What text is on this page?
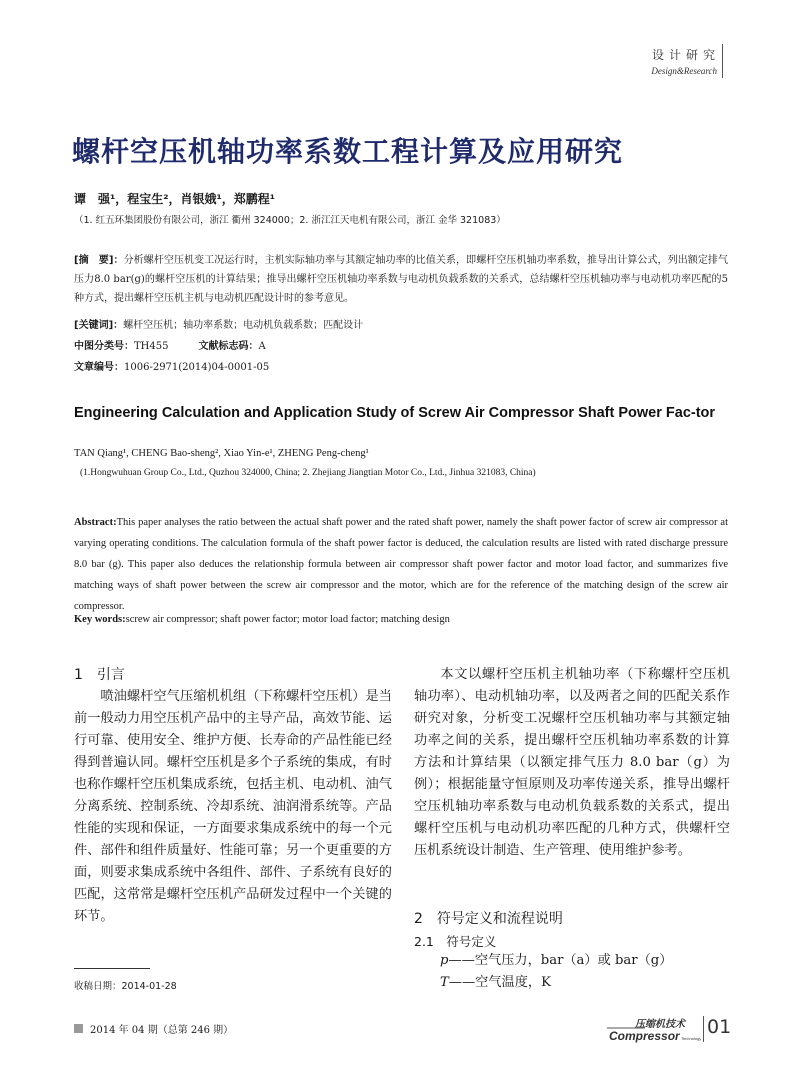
设计研究
Design&Research
螺杆空压机轴功率系数工程计算及应用研究
谭　强¹，程宝生²，肖银娥¹，郑鹏程¹
（1. 红五环集团股份有限公司，浙江 衢州 324000；2. 浙江江天电机有限公司，浙江 金华 321083）
[摘　要]：分析螺杆空压机变工况运行时，主机实际轴功率与其额定轴功率的比值关系，即螺杆空压机轴功率系数，推导出计算公式，列出额定排气压力8.0 bar(g)的螺杆空压机的计算结果；推导出螺杆空压机轴功率系数与电动机负载系数的关系式，总结螺杆空压机轴功率与电动机功率匹配的5种方式，提出螺杆空压机主机与电动机匹配设计时的参考意见。
[关键词]：螺杆空压机；轴功率系数；电动机负载系数；匹配设计
中图分类号：TH455	文献标志码：A
文章编号：1006-2971(2014)04-0001-05
Engineering Calculation and Application Study of Screw Air Compressor Shaft Power Fac-tor
TAN Qiang¹, CHENG Bao-sheng², Xiao Yin-e¹, ZHENG Peng-cheng¹
(1.Hongwuhuan Group Co., Ltd., Quzhou 324000, China; 2. Zhejiang Jiangtian Motor Co., Ltd., Jinhua 321083, China)
Abstract:This paper analyses the ratio between the actual shaft power and the rated shaft power, namely the shaft power factor of screw air compressor at varying operating conditions. The calculation formula of the shaft power factor is deduced, the calculation results are listed with rated discharge pressure 8.0 bar (g). This paper also deduces the relationship formula between air compressor shaft power factor and motor load factor, and summarizes five matching ways of shaft power between the screw air compressor and the motor, which are for the reference of the matching design of the screw air compressor.
Key words:screw air compressor; shaft power factor; motor load factor; matching design
1　引言
喷油螺杆空气压缩机机组（下称螺杆空压机）是当前一般动力用空压机产品中的主导产品，高效节能、运行可靠、使用安全、维护方便、长寿命的产品性能已经得到普遍认同。螺杆空压机是多个子系统的集成，有时也称作螺杆空压机集成系统，包括主机、电动机、油气分离系统、控制系统、冷却系统、油润滑系统等。产品性能的实现和保证，一方面要求集成系统中的每一个元件、部件和组件质量好、性能可靠；另一个更重要的方面，则要求集成系统中各组件、部件、子系统有良好的匹配，这常常是螺杆空压机产品研发过程中一个关键的环节。
本文以螺杆空压机主机轴功率（下称螺杆空压机轴功率）、电动机轴功率，以及两者之间的匹配关系作研究对象，分析变工况螺杆空压机轴功率与其额定轴功率之间的关系，提出螺杆空压机轴功率系数的计算方法和计算结果（以额定排气压力 8.0 bar（g）为例）；根据能量守恒原则及功率传递关系，推导出螺杆空压机轴功率系数与电动机负载系数的关系式，提出螺杆空压机与电动机功率匹配的几种方式，供螺杆空压机系统设计制造、生产管理、使用维护参考。
2　符号定义和流程说明
2.1　符号定义
p——空气压力，bar（a）或 bar（g）
T——空气温度，K
收稿日期：2014-01-28
2014 年 04 期（总第 246 期）
压缩机技术
Compressor Technology
01
